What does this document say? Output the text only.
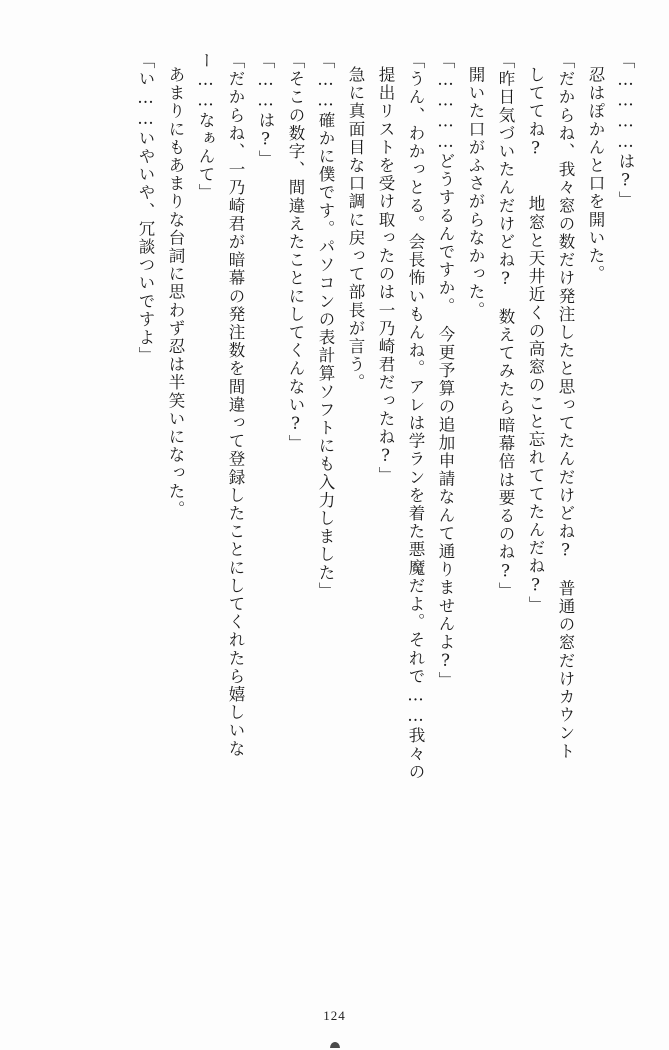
「…………は?」
忍はぽかんと口を開いた。
「だからね、我々窓の数だけ発注したと思ってたんだけどね?　普通の窓だけカウント
しててね?　　地窓と天井近くの高窓のこと忘れててたんだね?」
「昨日気づいたんだけどね?　数えてみたら暗幕倍は要るのね?」
開いた口がふさがらなかった。
「…………どうするんですか。　今更予算の追加申請なんて通りませんよ?」
「うん、わかっとる。会長怖いもんね。アレは学ランを着た悪魔だよ。それで……我々の
提出リストを受け取ったのは一乃崎君だったね?」
急に真面目な口調に戻って部長が言う。
「……確かに僕です。パソコンの表計算ソフトにも入力しました」
「そこの数字、間違えたことにしてくんない?」
「……は?」
「だからね、一乃崎君が暗幕の発注数を間違って登録したことにしてくれたら嬉しいな
ー……なぁんて」
あまりにもあまりな台詞に思わず忍は半笑いになった。
「い……いやいや、冗談ついですよ」
124
